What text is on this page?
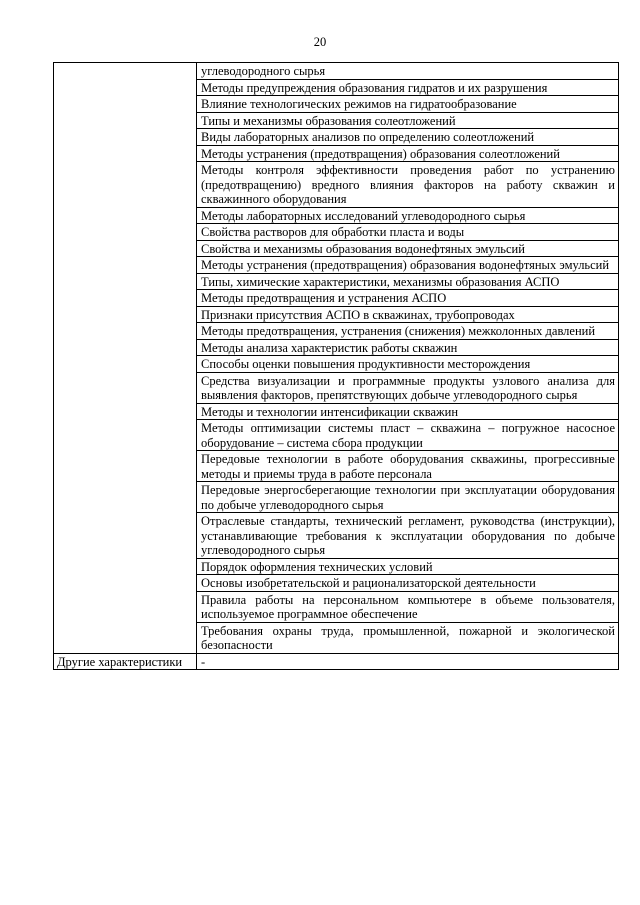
20
	углеводородного сырья
	Методы предупреждения образования гидратов и их разрушения
	Влияние технологических режимов на гидратообразование
	Типы и механизмы образования солеотложений
	Виды лабораторных анализов по определению солеотложений
	Методы устранения (предотвращения) образования солеотложений
	Методы контроля эффективности проведения работ по устранению (предотвращению) вредного влияния факторов на работу скважин и скважинного оборудования
	Методы лабораторных исследований углеводородного сырья
	Свойства растворов для обработки пласта и воды
	Свойства и механизмы образования водонефтяных эмульсий
	Методы устранения (предотвращения) образования водонефтяных эмульсий
	Типы, химические характеристики, механизмы образования АСПО
	Методы предотвращения и устранения АСПО
	Признаки присутствия АСПО в скважинах, трубопроводах
	Методы предотвращения, устранения (снижения) межколонных давлений
	Методы анализа характеристик работы скважин
	Способы оценки повышения продуктивности месторождения
	Средства визуализации и программные продукты узлового анализа для выявления факторов, препятствующих добыче углеводородного сырья
	Методы и технологии интенсификации скважин
	Методы оптимизации системы пласт – скважина – погружное насосное оборудование – система сбора продукции
	Передовые технологии в работе оборудования скважины, прогрессивные методы и приемы труда в работе персонала
	Передовые энергосберегающие технологии при эксплуатации оборудования по добыче углеводородного сырья
	Отраслевые стандарты, технический регламент, руководства (инструкции), устанавливающие требования к эксплуатации оборудования по добыче углеводородного сырья
	Порядок оформления технических условий
	Основы изобретательской и рационализаторской деятельности
	Правила работы на персональном компьютере в объеме пользователя, используемое программное обеспечение
	Требования охраны труда, промышленной, пожарной и экологической безопасности
Другие характеристики	-
